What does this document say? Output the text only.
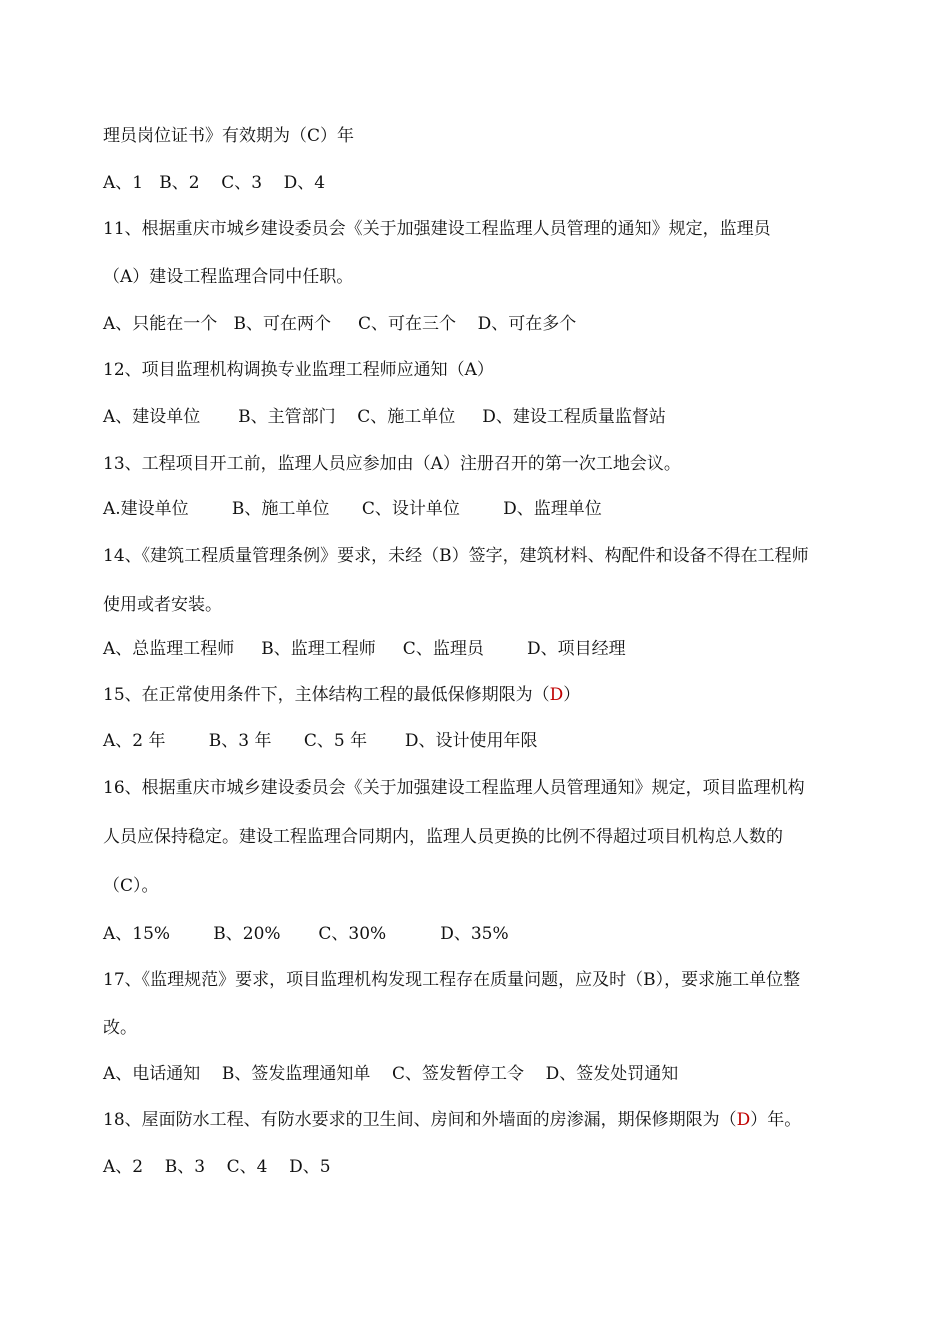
理员岗位证书》有效期为（C）年
A、1   B、2    C、3    D、4
11、根据重庆市城乡建设委员会《关于加强建设工程监理人员管理的通知》规定，监理员
（A）建设工程监理合同中任职。
A、只能在一个   B、可在两个     C、可在三个    D、可在多个
12、项目监理机构调换专业监理工程师应通知（A）
A、建设单位       B、主管部门    C、施工单位     D、建设工程质量监督站
13、工程项目开工前，监理人员应参加由（A）注册召开的第一次工地会议。
A.建设单位        B、施工单位      C、设计单位        D、监理单位
14、《建筑工程质量管理条例》要求，未经（B）签字，建筑材料、构配件和设备不得在工程师
使用或者安装。
A、总监理工程师     B、监理工程师     C、监理员        D、项目经理
15、在正常使用条件下，主体结构工程的最低保修期限为（D）
A、2 年        B、3 年      C、5 年       D、设计使用年限
16、根据重庆市城乡建设委员会《关于加强建设工程监理人员管理通知》规定，项目监理机构
人员应保持稳定。建设工程监理合同期内，监理人员更换的比例不得超过项目机构总人数的
（C）。
A、15%        B、20%       C、30%          D、35%
17、《监理规范》要求，项目监理机构发现工程存在质量问题，应及时（B），要求施工单位整
改。
A、电话通知    B、签发监理通知单    C、签发暂停工令    D、签发处罚通知
18、屋面防水工程、有防水要求的卫生间、房间和外墙面的房渗漏，期保修期限为（D）年。
A、2    B、3    C、4    D、5
